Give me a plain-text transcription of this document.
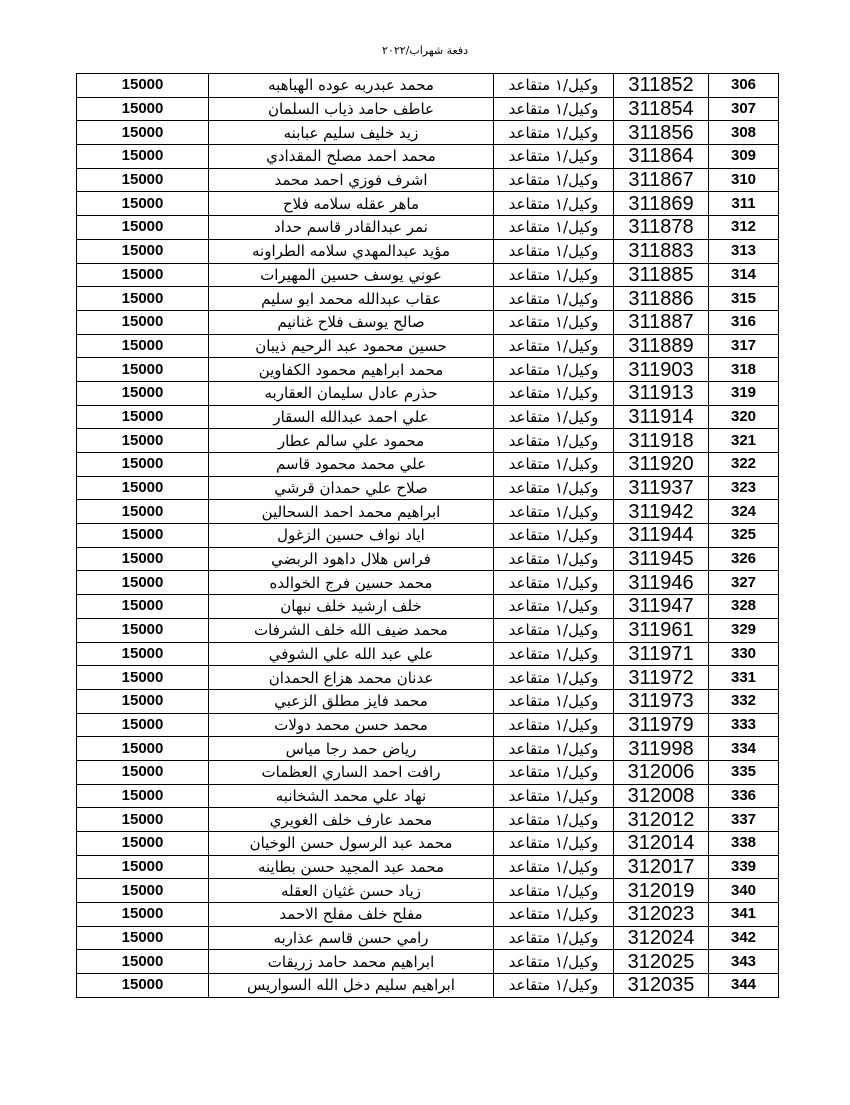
دفعة شهراب/٢٠٢٢
306	311852	وكيل/١ متقاعد	محمد عبدربه عوده الهباهبه	15000
307	311854	وكيل/١ متقاعد	عاطف حامد ذياب السلمان	15000
308	311856	وكيل/١ متقاعد	زيد خليف سليم عبابنه	15000
309	311864	وكيل/١ متقاعد	محمد احمد مصلح المقدادي	15000
310	311867	وكيل/١ متقاعد	اشرف فوزي احمد محمد	15000
311	311869	وكيل/١ متقاعد	ماهر عقله سلامه فلاح	15000
312	311878	وكيل/١ متقاعد	نمر عبدالقادر قاسم حداد	15000
313	311883	وكيل/١ متقاعد	مؤيد عبدالمهدي سلامه الطراونه	15000
314	311885	وكيل/١ متقاعد	عوني يوسف حسين المهيرات	15000
315	311886	وكيل/١ متقاعد	عقاب عبدالله محمد ابو سليم	15000
316	311887	وكيل/١ متقاعد	صالح يوسف فلاح غنانيم	15000
317	311889	وكيل/١ متقاعد	حسين محمود عبد الرحيم ذيبان	15000
318	311903	وكيل/١ متقاعد	محمد ابراهيم محمود الكفاوين	15000
319	311913	وكيل/١ متقاعد	حذرم عادل سليمان العقاربه	15000
320	311914	وكيل/١ متقاعد	علي احمد عبدالله السقار	15000
321	311918	وكيل/١ متقاعد	محمود علي سالم عطار	15000
322	311920	وكيل/١ متقاعد	علي محمد محمود قاسم	15000
323	311937	وكيل/١ متقاعد	صلاح علي حمدان قرشي	15000
324	311942	وكيل/١ متقاعد	ابراهيم محمد احمد السحالين	15000
325	311944	وكيل/١ متقاعد	اياد نواف حسين الزغول	15000
326	311945	وكيل/١ متقاعد	فراس هلال داهود الربضي	15000
327	311946	وكيل/١ متقاعد	محمد حسين فرج الخوالده	15000
328	311947	وكيل/١ متقاعد	خلف ارشيد خلف نبهان	15000
329	311961	وكيل/١ متقاعد	محمد ضيف الله خلف الشرفات	15000
330	311971	وكيل/١ متقاعد	علي عبد الله علي الشوفي	15000
331	311972	وكيل/١ متقاعد	عدنان محمد هزاع الحمدان	15000
332	311973	وكيل/١ متقاعد	محمد فايز مطلق الزعبي	15000
333	311979	وكيل/١ متقاعد	محمد حسن محمد دولات	15000
334	311998	وكيل/١ متقاعد	رياض حمد رجا مياس	15000
335	312006	وكيل/١ متقاعد	رافت احمد الساري العظمات	15000
336	312008	وكيل/١ متقاعد	نهاد علي محمد الشخانبه	15000
337	312012	وكيل/١ متقاعد	محمد عارف خلف الغويري	15000
338	312014	وكيل/١ متقاعد	محمد عبد الرسول حسن الوخيان	15000
339	312017	وكيل/١ متقاعد	محمد عبد المجيد حسن بطاينه	15000
340	312019	وكيل/١ متقاعد	زياد حسن غثيان العقله	15000
341	312023	وكيل/١ متقاعد	مفلح خلف مفلح الاحمد	15000
342	312024	وكيل/١ متقاعد	رامي حسن قاسم عذاربه	15000
343	312025	وكيل/١ متقاعد	ابراهيم محمد حامد زريقات	15000
344	312035	وكيل/١ متقاعد	ابراهيم سليم دخل الله السواريس	15000
